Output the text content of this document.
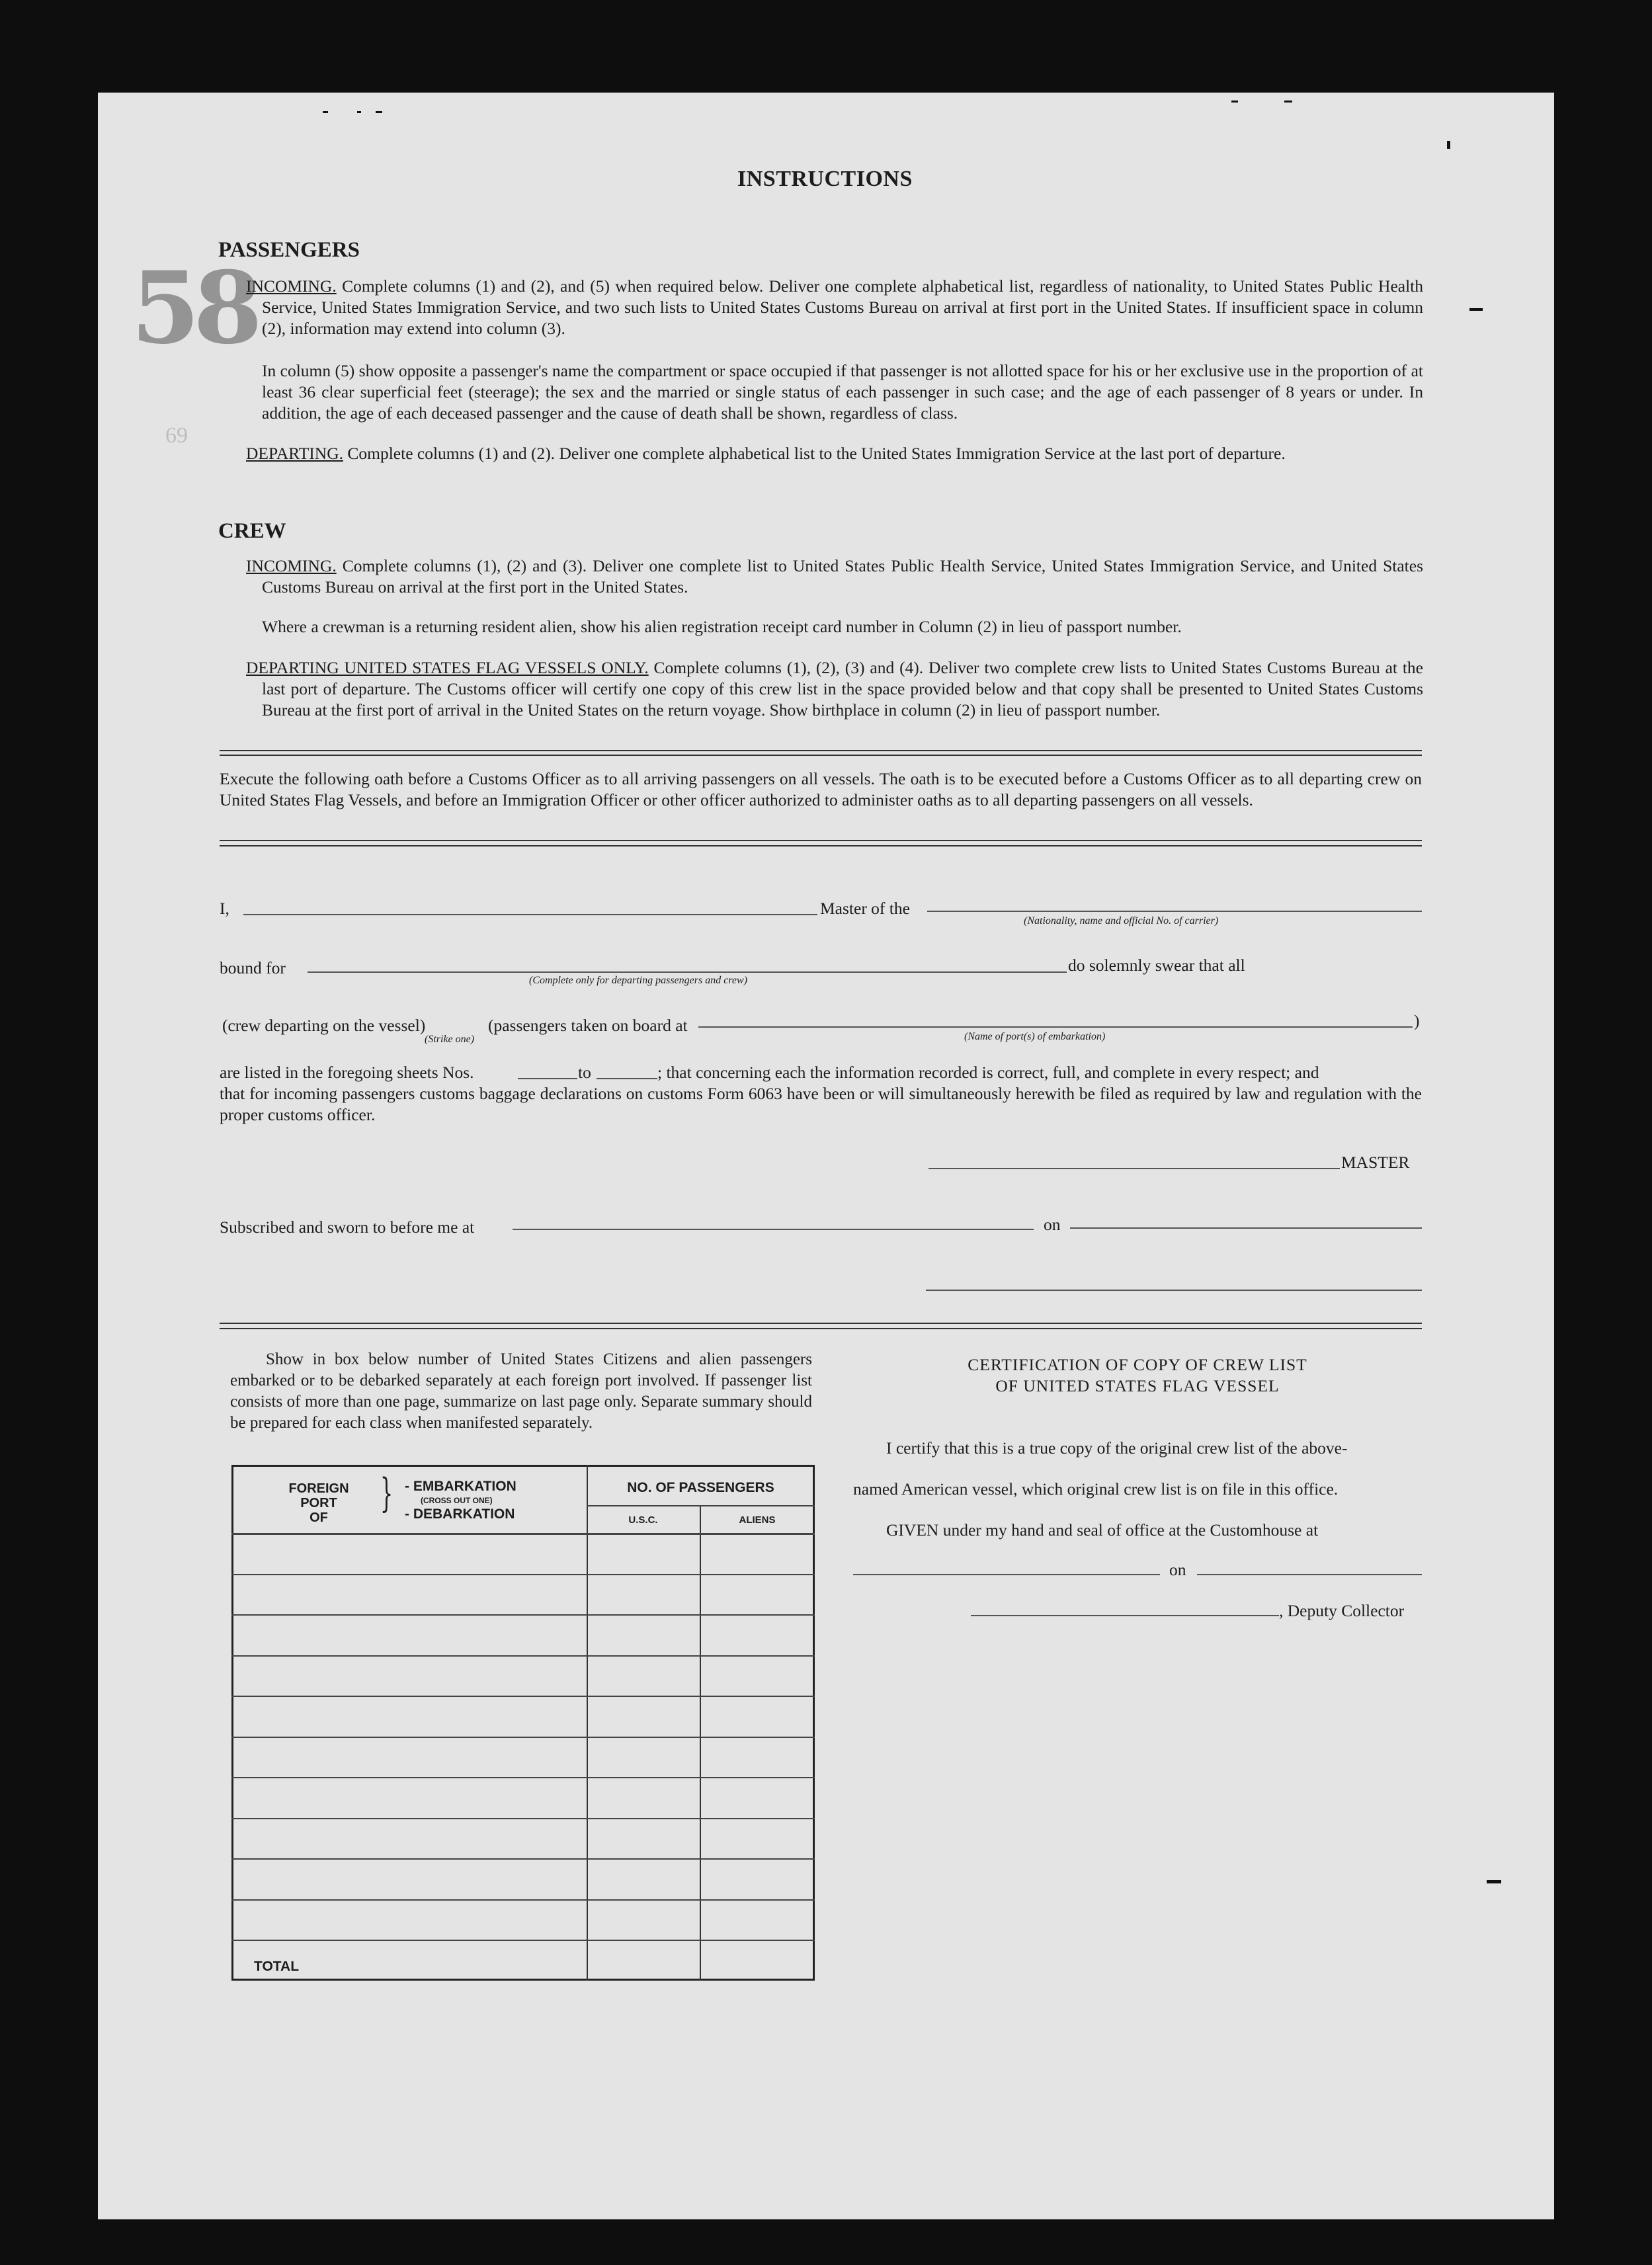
58
69
INSTRUCTIONS
PASSENGERS
INCOMING. Complete columns (1) and (2), and (5) when required below. Deliver one complete alphabetical list, regardless of nationality, to United States Public Health Service, United States Immigration Service, and two such lists to United States Customs Bureau on arrival at first port in the United States. If insufficient space in column (2), information may extend into column (3).
In column (5) show opposite a passenger's name the compartment or space occupied if that passenger is not allotted space for his or her exclusive use in the proportion of at least 36 clear superficial feet (steerage); the sex and the married or single status of each passenger in such case; and the age of each passenger of 8 years or under. In addition, the age of each deceased passenger and the cause of death shall be shown, regardless of class.
DEPARTING. Complete columns (1) and (2). Deliver one complete alphabetical list to the United States Immigration Service at the last port of departure.
CREW
INCOMING. Complete columns (1), (2) and (3). Deliver one complete list to United States Public Health Service, United States Immigration Service, and United States Customs Bureau on arrival at the first port in the United States.
Where a crewman is a returning resident alien, show his alien registration receipt card number in Column (2) in lieu of passport number.
DEPARTING UNITED STATES FLAG VESSELS ONLY. Complete columns (1), (2), (3) and (4). Deliver two complete crew lists to United States Customs Bureau at the last port of departure. The Customs officer will certify one copy of this crew list in the space provided below and that copy shall be presented to United States Customs Bureau at the first port of arrival in the United States on the return voyage. Show birthplace in column (2) in lieu of passport number.
Execute the following oath before a Customs Officer as to all arriving passengers on all vessels. The oath is to be executed before a Customs Officer as to all departing crew on United States Flag Vessels, and before an Immigration Officer or other officer authorized to administer oaths as to all departing passengers on all vessels.
I,	Master of the
(Nationality, name and official No. of carrier)
bound for
(Complete only for departing passengers and crew)
do solemnly swear that all
(crew departing on the vessel)	(passengers taken on board at	)
(Strike one)	(Name of port(s) of embarkation)
are listed in the foregoing sheets Nos.	to	; that concerning each the information recorded is correct, full, and complete in every respect; and
that for incoming passengers customs baggage declarations on customs Form 6063 have been or will simultaneously herewith be filed as required by law and regulation with the proper customs officer.
MASTER
Subscribed and sworn to before me at	on
Show in box below number of United States Citizens and alien passengers embarked or to be debarked separately at each foreign port involved. If passenger list consists of more than one page, summarize on last page only. Separate summary should be prepared for each class when manifested separately.
FOREIGN
PORT
OF
} - EMBARKATION
(CROSS OUT ONE)
- DEBARKATION
NO. OF PASSENGERS
U.S.C.	ALIENS
TOTAL
CERTIFICATION OF COPY OF CREW LIST
OF UNITED STATES FLAG VESSEL
I certify that this is a true copy of the original crew list of the above-
named American vessel, which original crew list is on file in this office.
GIVEN under my hand and seal of office at the Customhouse at
on
, Deputy Collector
